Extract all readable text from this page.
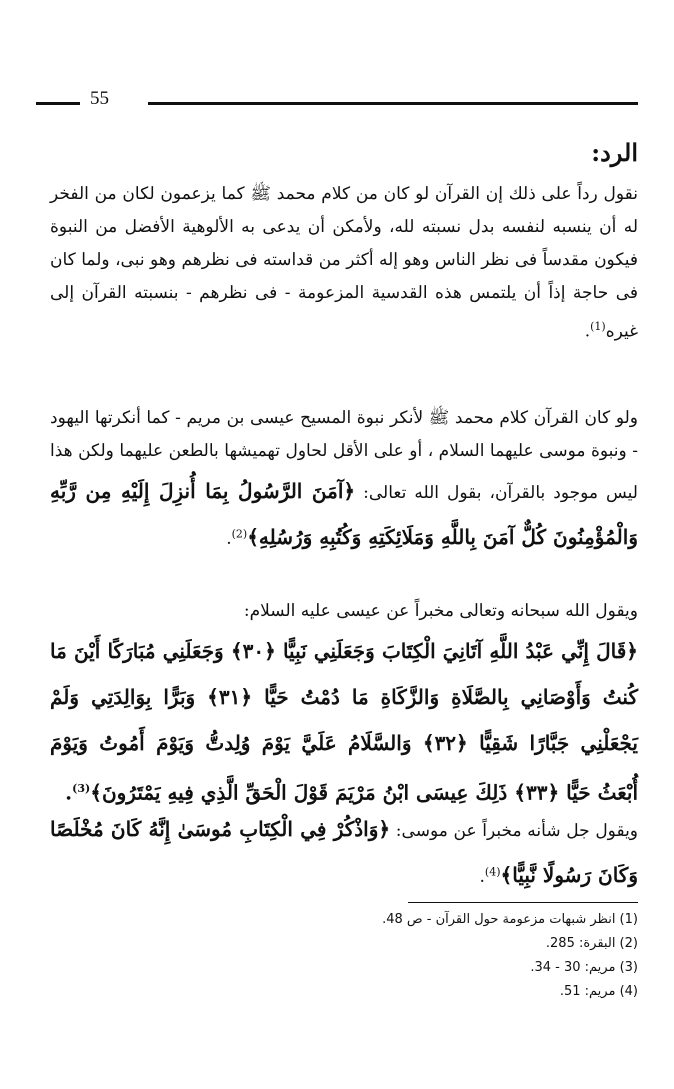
55
الرد:

نقول رداً على ذلك إن القرآن لو كان من كلام محمد ﷺ كما يزعمون لكان من الفخر له أن ينسبه لنفسه بدل نسبته لله، ولأمكن أن يدعى به الألوهية الأفضل من النبوة فيكون مقدساً فى نظر الناس وهو إله أكثر من قداسته فى نظرهم وهو نبى، ولما كان فى حاجة إذاً أن يلتمس هذه القدسية المزعومة - فى نظرهم - بنسبته القرآن إلى غيره$^{(1)}$.

ولو كان القرآن كلام محمد ﷺ لأنكر نبوة المسيح عيسى بن مريم - كما أنكرتها اليهود - ونبوة موسى عليهما السلام ، أو على الأقل لحاول تهميشها بالطعن عليهما ولكن هذا ليس موجود بالقرآن، بقول الله تعالى: ﴿آمَنَ الرَّسُولُ بِمَا أُنزِلَ إِلَيْهِ مِن رَّبِّهِ وَالْمُؤْمِنُونَ كُلٌّ آمَنَ بِاللَّهِ وَمَلَائِكَتِهِ وَكُتُبِهِ وَرُسُلِهِ﴾$^{(2)}$.

ويقول الله سبحانه وتعالى مخبراً عن عيسى عليه السلام:

﴿قَالَ إِنِّي عَبْدُ اللَّهِ آتَانِيَ الْكِتَابَ وَجَعَلَنِي نَبِيًّا ﴿٣٠﴾ وَجَعَلَنِي مُبَارَكًا أَيْنَ مَا كُنتُ وَأَوْصَانِي بِالصَّلَاةِ وَالزَّكَاةِ مَا دُمْتُ حَيًّا ﴿٣١﴾ وَبَرًّا بِوَالِدَتِي وَلَمْ يَجْعَلْنِي جَبَّارًا شَقِيًّا ﴿٣٢﴾ وَالسَّلَامُ عَلَيَّ يَوْمَ وُلِدتُّ وَيَوْمَ أَمُوتُ وَيَوْمَ أُبْعَثُ حَيًّا ﴿٣٣﴾ ذَلِكَ عِيسَى ابْنُ مَرْيَمَ قَوْلَ الْحَقِّ الَّذِي فِيهِ يَمْتَرُونَ﴾$^{(3)}$.

ويقول جل شأنه مخبراً عن موسى: ﴿وَاذْكُرْ فِي الْكِتَابِ مُوسَىٰ إِنَّهُ كَانَ مُخْلَصًا وَكَانَ رَسُولًا نَّبِيًّا﴾$^{(4)}$.

(1) انظر شبهات مزعومة حول القرآن - ص 48.
(2) البقرة: 285.
(3) مريم: 30 - 34.
(4) مريم: 51.
